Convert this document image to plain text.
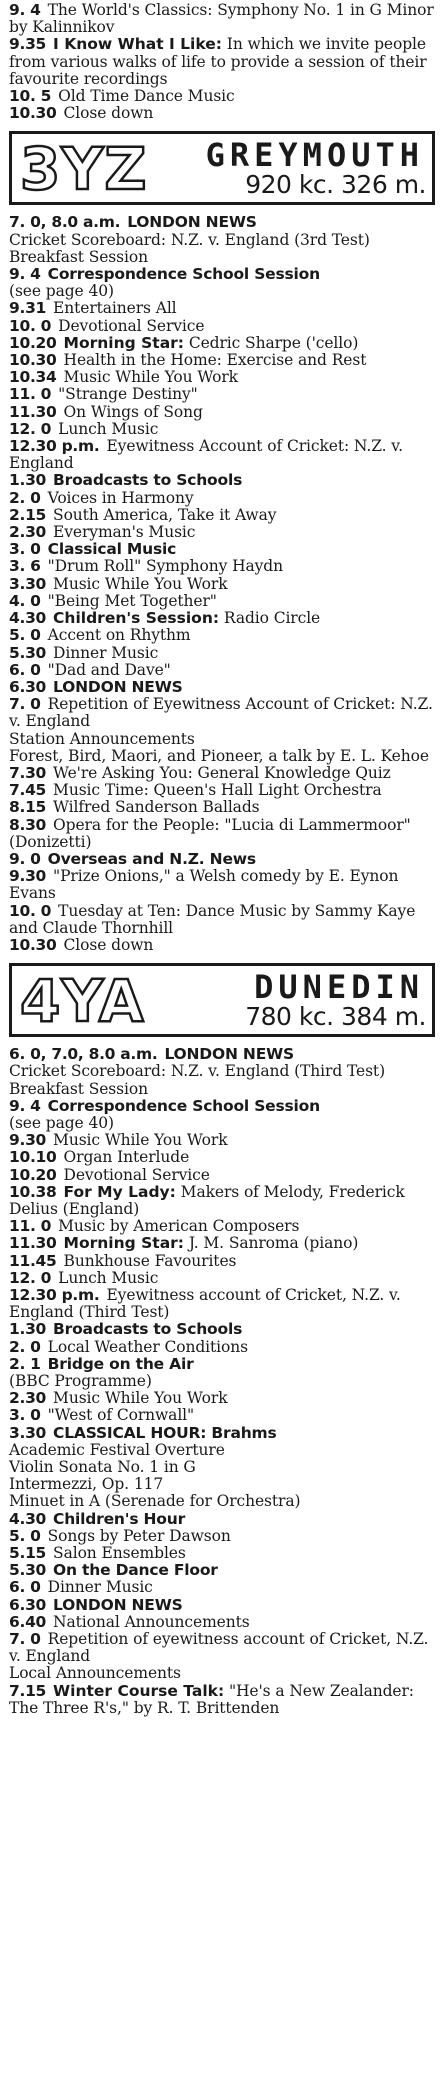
9. 4 The World's Classics: Symphony No. 1 in G Minor by Kalinnikov
9.35 I Know What I Like: In which we invite people from various walks of life to provide a session of their favourite recordings
10. 5 Old Time Dance Music
10.30 Close down
3YZ GREYMOUTH
920 kc. 326 m.
7. 0, 8.0 a.m. LONDON NEWS
Cricket Scoreboard: N.Z. v. England (3rd Test)
Breakfast Session
9. 4 Correspondence School Session
(see page 40)
9.31 Entertainers All
10. 0 Devotional Service
10.20 Morning Star: Cedric Sharpe ('cello)
10.30 Health in the Home: Exercise and Rest
10.34 Music While You Work
11. 0 "Strange Destiny"
11.30 On Wings of Song
12. 0 Lunch Music
12.30 p.m. Eyewitness Account of Cricket: N.Z. v. England
1.30 Broadcasts to Schools
2. 0 Voices in Harmony
2.15 South America, Take it Away
2.30 Everyman's Music
3. 0 Classical Music
3. 6 "Drum Roll" Symphony Haydn
3.30 Music While You Work
4. 0 "Being Met Together"
4.30 Children's Session: Radio Circle
5. 0 Accent on Rhythm
5.30 Dinner Music
6. 0 "Dad and Dave"
6.30 LONDON NEWS
7. 0 Repetition of Eyewitness Account of Cricket: N.Z. v. England
Station Announcements
Forest, Bird, Maori, and Pioneer, a talk by E. L. Kehoe
7.30 We're Asking You: General Knowledge Quiz
7.45 Music Time: Queen's Hall Light Orchestra
8.15 Wilfred Sanderson Ballads
8.30 Opera for the People: "Lucia di Lammermoor" (Donizetti)
9. 0 Overseas and N.Z. News
9.30 "Prize Onions," a Welsh comedy by E. Eynon Evans
10. 0 Tuesday at Ten: Dance Music by Sammy Kaye and Claude Thornhill
10.30 Close down
4YA	DUNEDIN
780 kc. 384 m.
6. 0, 7.0, 8.0 a.m. LONDON NEWS
Cricket Scoreboard: N.Z. v. England (Third Test)
Breakfast Session
9. 4 Correspondence School Session
(see page 40)
9.30 Music While You Work
10.10 Organ Interlude
10.20 Devotional Service
10.38 For My Lady: Makers of Melody, Frederick Delius (England)
11. 0 Music by American Composers
11.30 Morning Star: J. M. Sanroma (piano)
11.45 Bunkhouse Favourites
12. 0 Lunch Music
12.30 p.m. Eyewitness account of Cricket, N.Z. v. England (Third Test)
1.30 Broadcasts to Schools
2. 0 Local Weather Conditions
2. 1 Bridge on the Air
(BBC Programme)
2.30 Music While You Work
3. 0 "West of Cornwall"
3.30 CLASSICAL HOUR: Brahms
Academic Festival Overture
Violin Sonata No. 1 in G
Intermezzi, Op. 117
Minuet in A (Serenade for Orchestra)
4.30 Children's Hour
5. 0 Songs by Peter Dawson
5.15 Salon Ensembles
5.30 On the Dance Floor
6. 0 Dinner Music
6.30 LONDON NEWS
6.40 National Announcements
7. 0 Repetition of eyewitness account of Cricket, N.Z. v. England
Local Announcements
7.15 Winter Course Talk: "He's a New Zealander: The Three R's," by R. T. Brittenden
